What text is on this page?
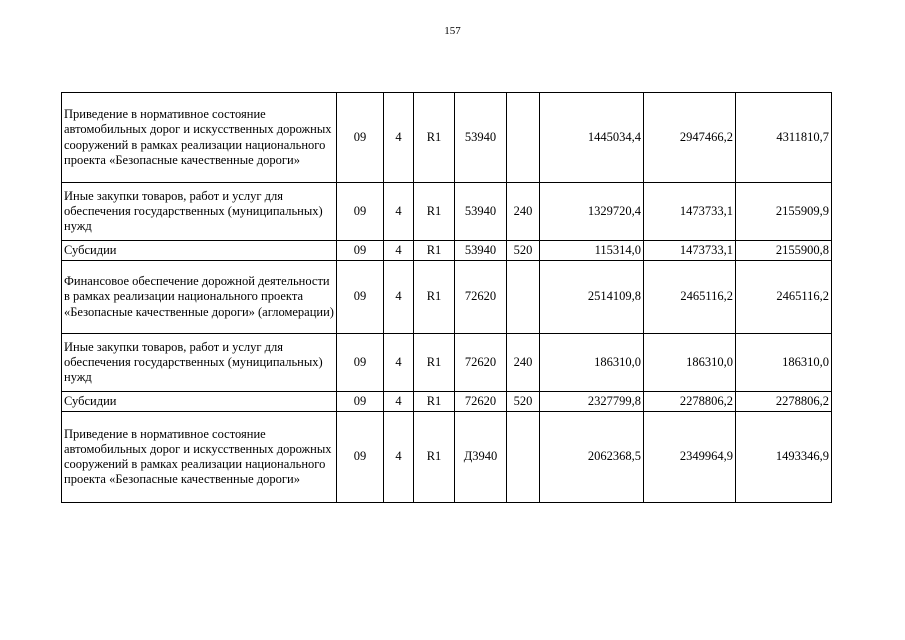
157
Приведение в нормативное состояние автомобильных дорог и искусственных дорожных сооружений в рамках реализации национального проекта «Безопасные качественные дороги»	09	4	R1	53940		1445034,4	2947466,2	4311810,7
Иные закупки товаров, работ и услуг для обеспечения государственных (муниципальных) нужд	09	4	R1	53940	240	1329720,4	1473733,1	2155909,9
Субсидии	09	4	R1	53940	520	115314,0	1473733,1	2155900,8
Финансовое обеспечение дорожной деятельности в рамках реализации национального проекта «Безопасные качественные дороги» (агломерации)	09	4	R1	72620		2514109,8	2465116,2	2465116,2
Иные закупки товаров, работ и услуг для обеспечения государственных (муниципальных) нужд	09	4	R1	72620	240	186310,0	186310,0	186310,0
Субсидии	09	4	R1	72620	520	2327799,8	2278806,2	2278806,2
Приведение в нормативное состояние автомобильных дорог и искусственных дорожных сооружений в рамках реализации национального проекта «Безопасные качественные дороги»	09	4	R1	Д3940		2062368,5	2349964,9	1493346,9
